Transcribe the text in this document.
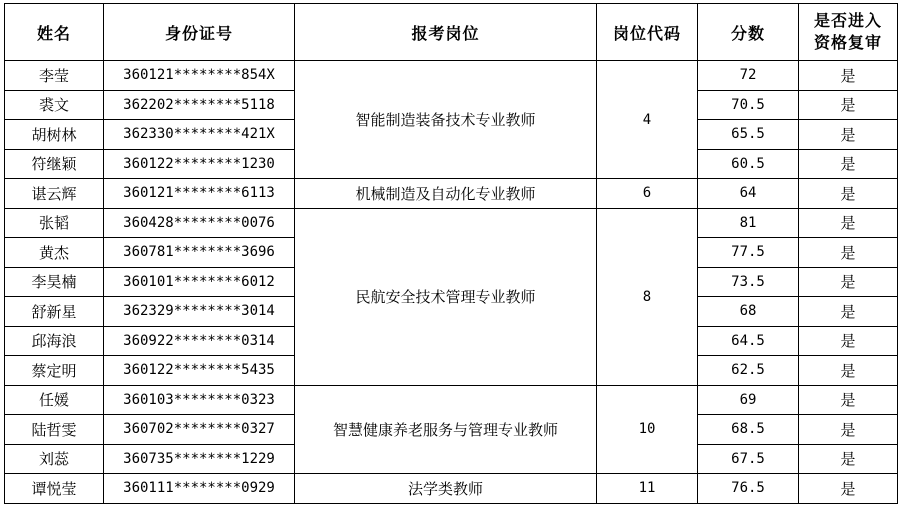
姓名	身份证号	报考岗位	岗位代码	分数	是否进入资格复审
李莹	360121********854X	智能制造装备技术专业教师	4	72	是
裘文	362202********5118			70.5	是
胡树林	362330********421X			65.5	是
符继颖	360122********1230			60.5	是
谌云辉	360121********6113	机械制造及自动化专业教师	6	64	是
张韬	360428********0076	民航安全技术管理专业教师	8	81	是
黄杰	360781********3696			77.5	是
李昊楠	360101********6012			73.5	是
舒新星	362329********3014			68	是
邱海浪	360922********0314			64.5	是
蔡定明	360122********5435			62.5	是
任媛	360103********0323	智慧健康养老服务与管理专业教师	10	69	是
陆哲雯	360702********0327			68.5	是
刘蕊	360735********1229			67.5	是
谭悦莹	360111********0929	法学类教师	11	76.5	是
